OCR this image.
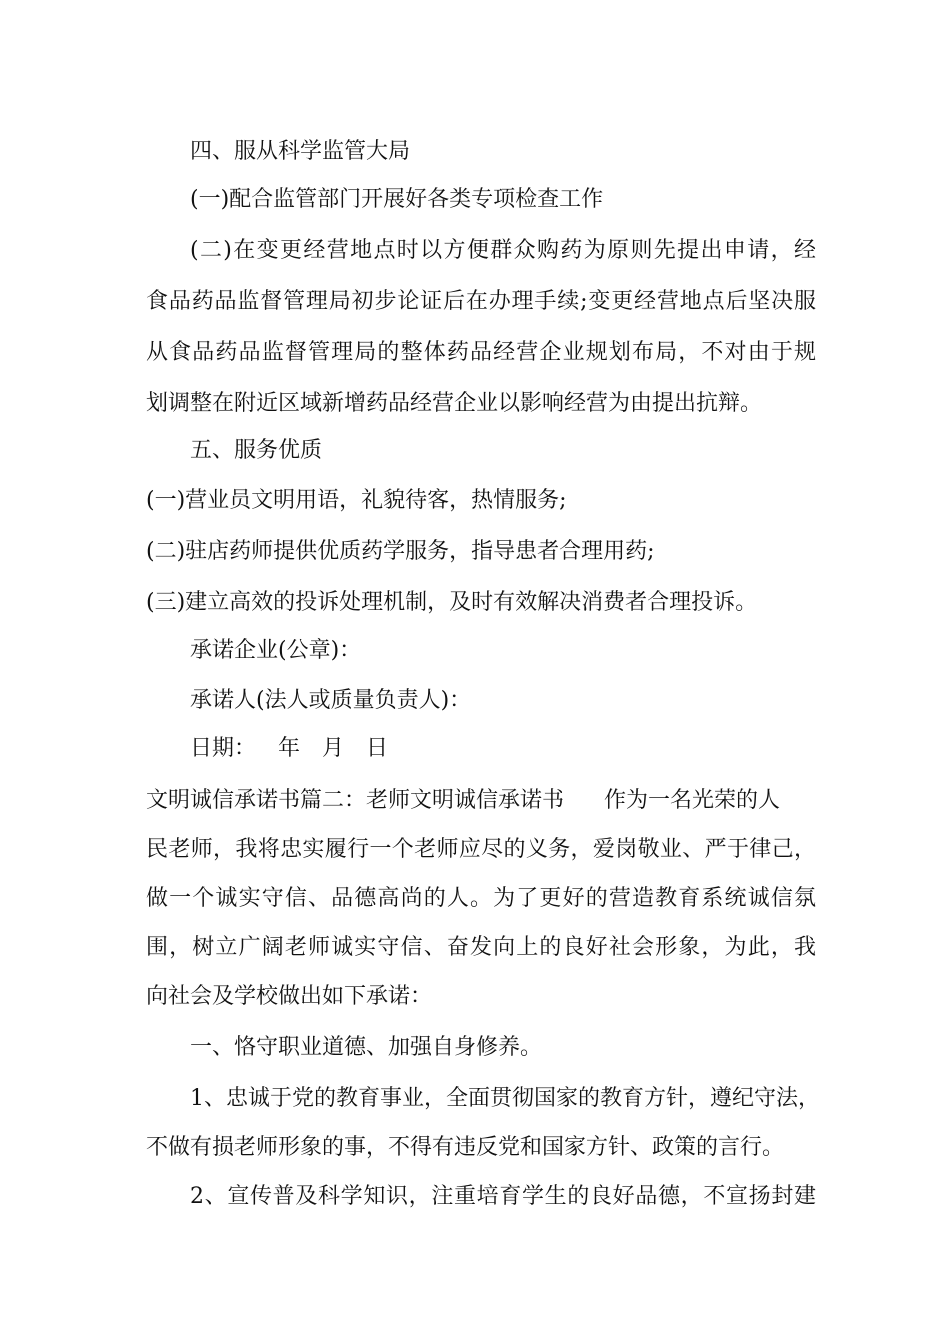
四、服从科学监管大局

(一)配合监管部门开展好各类专项检查工作

(二)在变更经营地点时以方便群众购药为原则先提出申请，经

食品药品监督管理局初步论证后在办理手续;变更经营地点后坚决服

从食品药品监督管理局的整体药品经营企业规划布局，不对由于规

划调整在附近区域新增药品经营企业以影响经营为由提出抗辩。

五、服务优质

(一)营业员文明用语，礼貌待客，热情服务;

(二)驻店药师提供优质药学服务，指导患者合理用药;

(三)建立高效的投诉处理机制，及时有效解决消费者合理投诉。

承诺企业(公章)：

承诺人(法人或质量负责人)：

日期： 年 月 日

文明诚信承诺书篇二：老师文明诚信承诺书 作为一名光荣的人

民老师，我将忠实履行一个老师应尽的义务，爱岗敬业、严于律己，

做一个诚实守信、品德高尚的人。为了更好的营造教育系统诚信氛

围，树立广阔老师诚实守信、奋发向上的良好社会形象，为此，我

向社会及学校做出如下承诺：

一、恪守职业道德、加强自身修养。

1、忠诚于党的教育事业，全面贯彻国家的教育方针，遵纪守法，

不做有损老师形象的事，不得有违反党和国家方针、政策的言行。

2、宣传普及科学知识，注重培育学生的良好品德，不宣扬封建
